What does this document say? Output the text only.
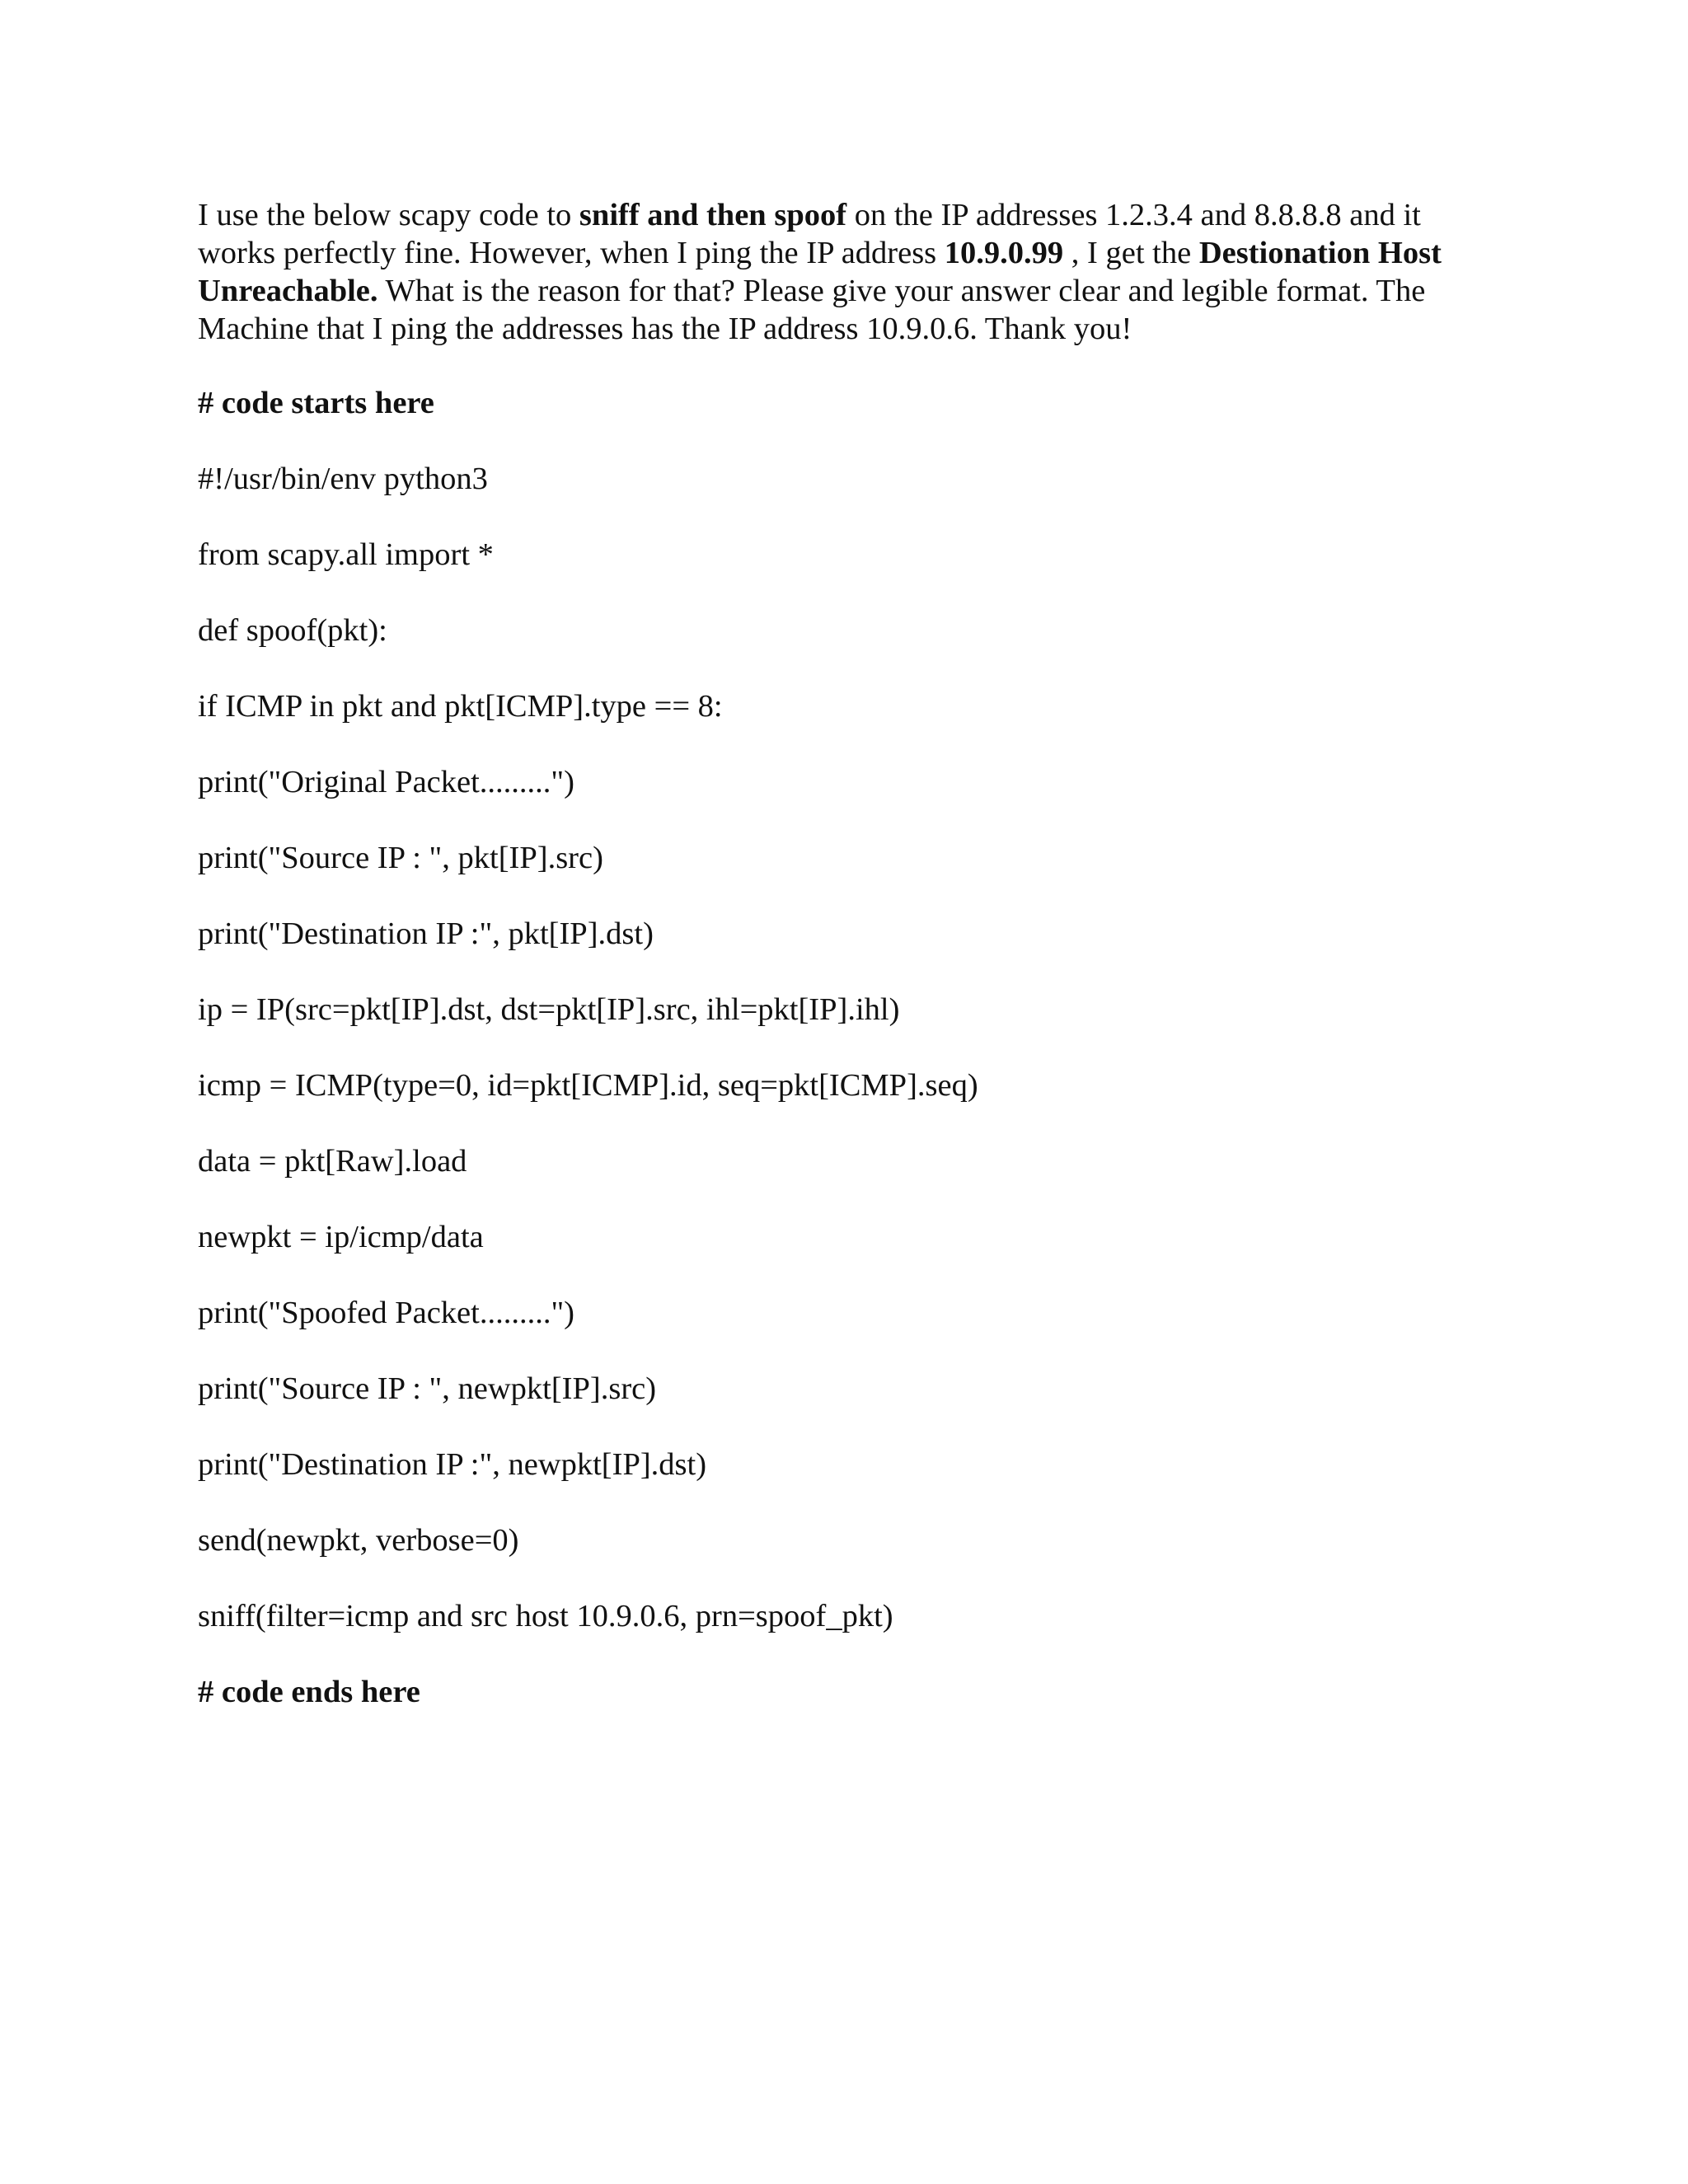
I use the below scapy code to sniff and then spoof on the IP addresses 1.2.3.4 and 8.8.8.8 and it works perfectly fine. However, when I ping the IP address 10.9.0.99 , I get the Destionation Host Unreachable. What is the reason for that? Please give your answer clear and legible format. The Machine that I ping the addresses has the IP address 10.9.0.6. Thank you!

# code starts here

#!/usr/bin/env python3

from scapy.all import *

def spoof(pkt):

if ICMP in pkt and pkt[ICMP].type == 8:

print("Original Packet.........")

print("Source IP : ", pkt[IP].src)

print("Destination IP :", pkt[IP].dst)

ip = IP(src=pkt[IP].dst, dst=pkt[IP].src, ihl=pkt[IP].ihl)

icmp = ICMP(type=0, id=pkt[ICMP].id, seq=pkt[ICMP].seq)

data = pkt[Raw].load

newpkt = ip/icmp/data

print("Spoofed Packet.........")

print("Source IP : ", newpkt[IP].src)

print("Destination IP :", newpkt[IP].dst)

send(newpkt, verbose=0)

sniff(filter=icmp and src host 10.9.0.6, prn=spoof_pkt)

# code ends here
